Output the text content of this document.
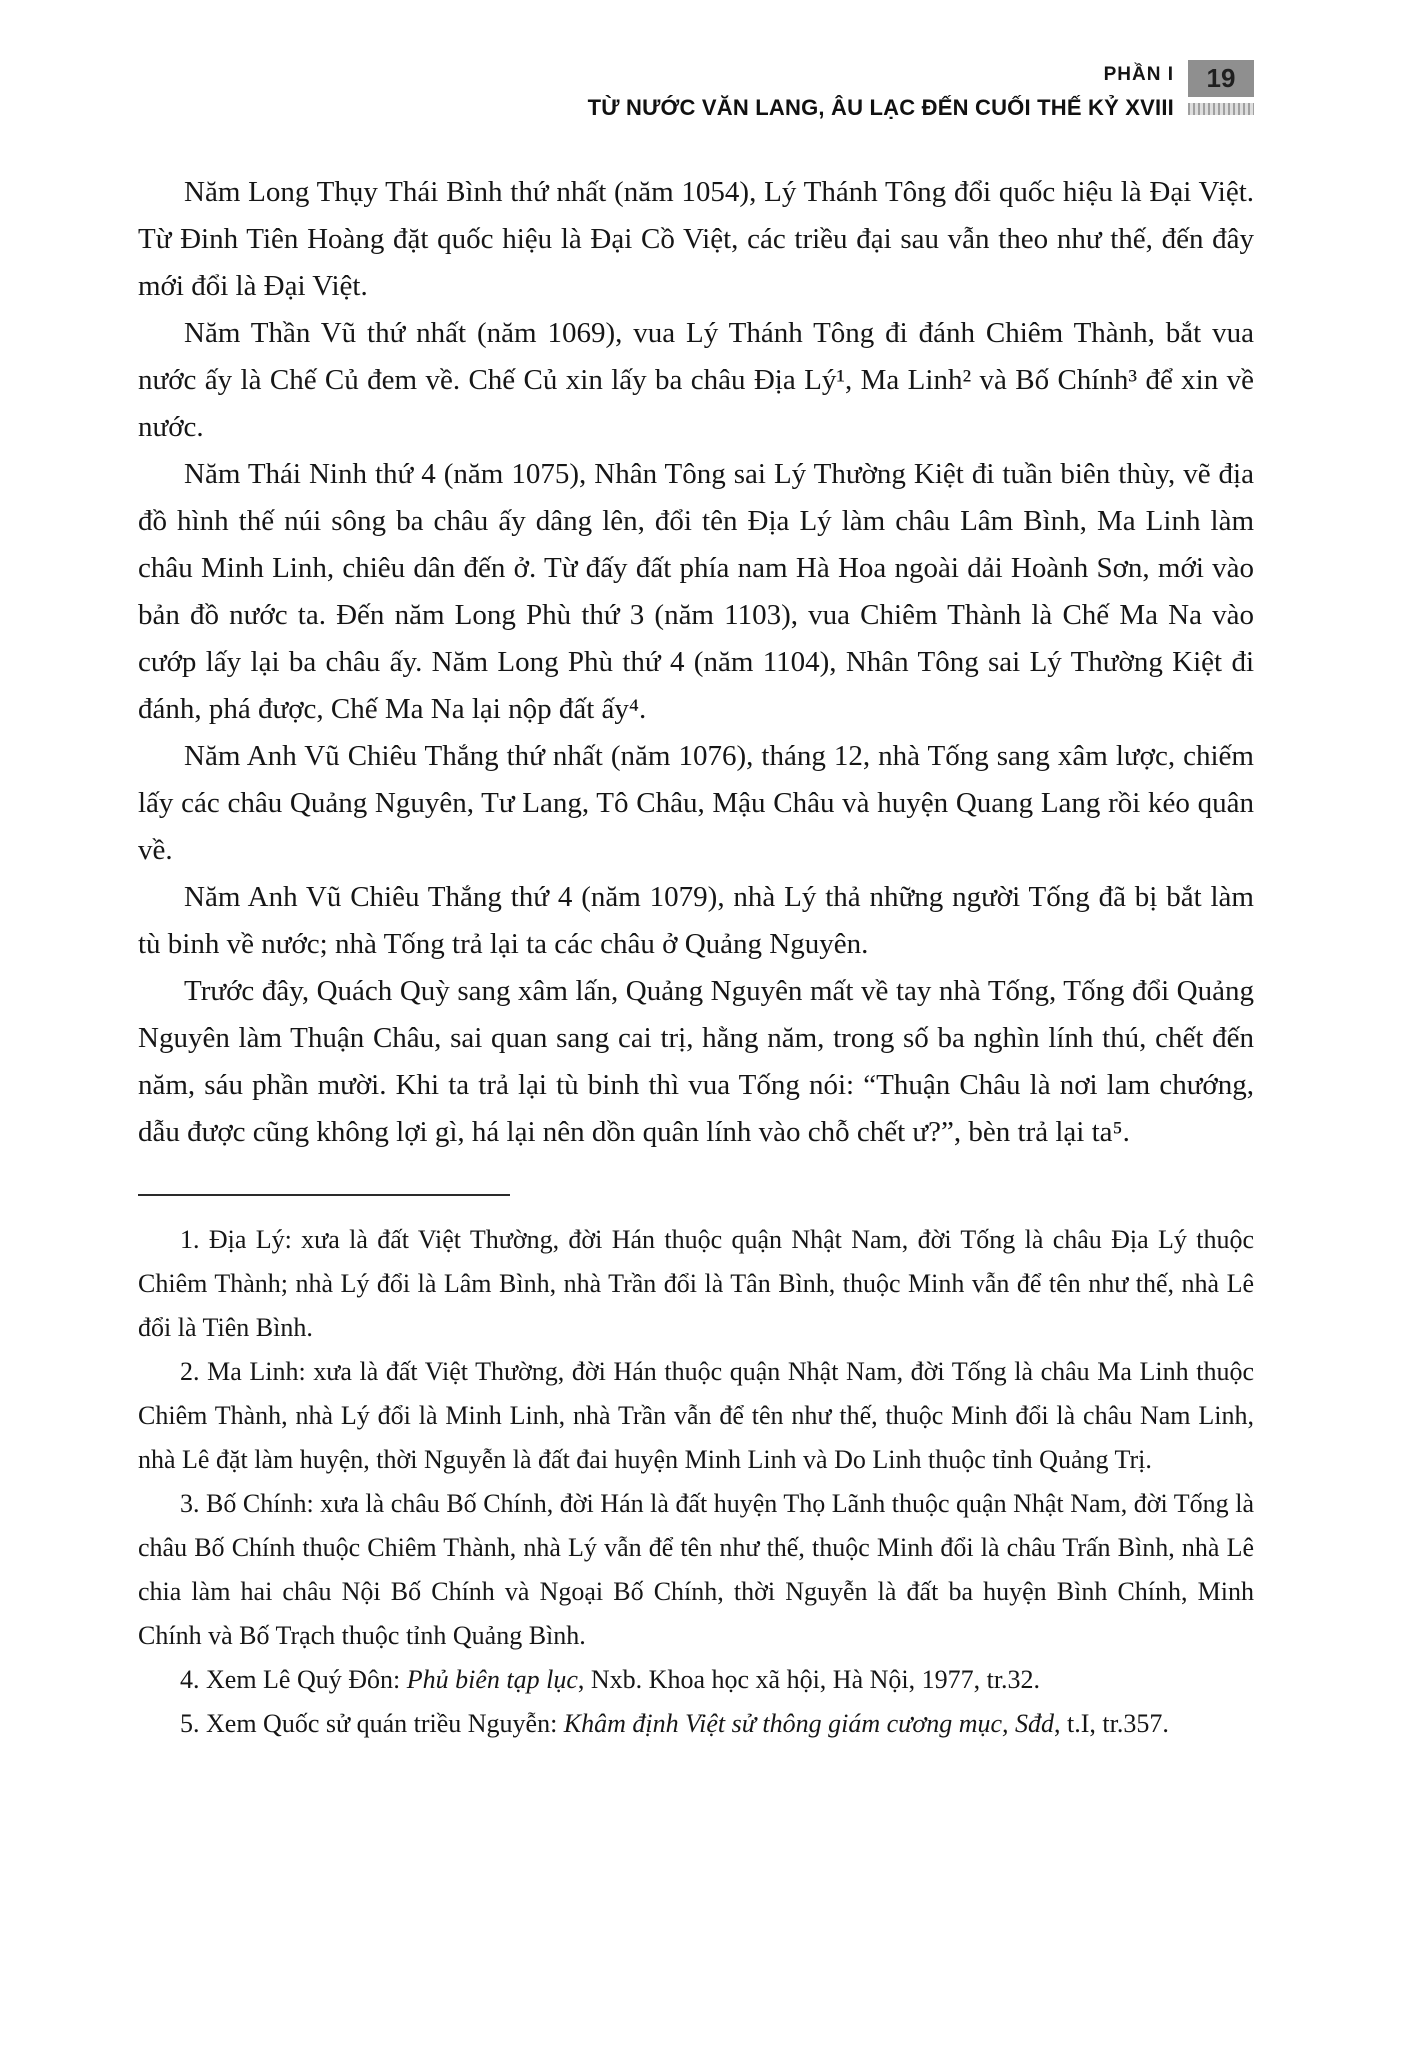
PHẦN I
TỪ NƯỚC VĂN LANG, ÂU LẠC ĐẾN CUỐI THẾ KỶ XVIII
19

Năm Long Thụy Thái Bình thứ nhất (năm 1054), Lý Thánh Tông đổi quốc hiệu là Đại Việt. Từ Đinh Tiên Hoàng đặt quốc hiệu là Đại Cồ Việt, các triều đại sau vẫn theo như thế, đến đây mới đổi là Đại Việt.

Năm Thần Vũ thứ nhất (năm 1069), vua Lý Thánh Tông đi đánh Chiêm Thành, bắt vua nước ấy là Chế Củ đem về. Chế Củ xin lấy ba châu Địa Lý¹, Ma Linh² và Bố Chính³ để xin về nước.

Năm Thái Ninh thứ 4 (năm 1075), Nhân Tông sai Lý Thường Kiệt đi tuần biên thùy, vẽ địa đồ hình thế núi sông ba châu ấy dâng lên, đổi tên Địa Lý làm châu Lâm Bình, Ma Linh làm châu Minh Linh, chiêu dân đến ở. Từ đấy đất phía nam Hà Hoa ngoài dải Hoành Sơn, mới vào bản đồ nước ta. Đến năm Long Phù thứ 3 (năm 1103), vua Chiêm Thành là Chế Ma Na vào cướp lấy lại ba châu ấy. Năm Long Phù thứ 4 (năm 1104), Nhân Tông sai Lý Thường Kiệt đi đánh, phá được, Chế Ma Na lại nộp đất ấy⁴.

Năm Anh Vũ Chiêu Thắng thứ nhất (năm 1076), tháng 12, nhà Tống sang xâm lược, chiếm lấy các châu Quảng Nguyên, Tư Lang, Tô Châu, Mậu Châu và huyện Quang Lang rồi kéo quân về.

Năm Anh Vũ Chiêu Thắng thứ 4 (năm 1079), nhà Lý thả những người Tống đã bị bắt làm tù binh về nước; nhà Tống trả lại ta các châu ở Quảng Nguyên.

Trước đây, Quách Quỳ sang xâm lấn, Quảng Nguyên mất về tay nhà Tống, Tống đổi Quảng Nguyên làm Thuận Châu, sai quan sang cai trị, hằng năm, trong số ba nghìn lính thú, chết đến năm, sáu phần mười. Khi ta trả lại tù binh thì vua Tống nói: “Thuận Châu là nơi lam chướng, dẫu được cũng không lợi gì, há lại nên dồn quân lính vào chỗ chết ư?”, bèn trả lại ta⁵.

1. Địa Lý: xưa là đất Việt Thường, đời Hán thuộc quận Nhật Nam, đời Tống là châu Địa Lý thuộc Chiêm Thành; nhà Lý đổi là Lâm Bình, nhà Trần đổi là Tân Bình, thuộc Minh vẫn để tên như thế, nhà Lê đổi là Tiên Bình.

2. Ma Linh: xưa là đất Việt Thường, đời Hán thuộc quận Nhật Nam, đời Tống là châu Ma Linh thuộc Chiêm Thành, nhà Lý đổi là Minh Linh, nhà Trần vẫn để tên như thế, thuộc Minh đổi là châu Nam Linh, nhà Lê đặt làm huyện, thời Nguyễn là đất đai huyện Minh Linh và Do Linh thuộc tỉnh Quảng Trị.

3. Bố Chính: xưa là châu Bố Chính, đời Hán là đất huyện Thọ Lãnh thuộc quận Nhật Nam, đời Tống là châu Bố Chính thuộc Chiêm Thành, nhà Lý vẫn để tên như thế, thuộc Minh đổi là châu Trấn Bình, nhà Lê chia làm hai châu Nội Bố Chính và Ngoại Bố Chính, thời Nguyễn là đất ba huyện Bình Chính, Minh Chính và Bố Trạch thuộc tỉnh Quảng Bình.

4. Xem Lê Quý Đôn: Phủ biên tạp lục, Nxb. Khoa học xã hội, Hà Nội, 1977, tr.32.

5. Xem Quốc sử quán triều Nguyễn: Khâm định Việt sử thông giám cương mục, Sđd, t.I, tr.357.
